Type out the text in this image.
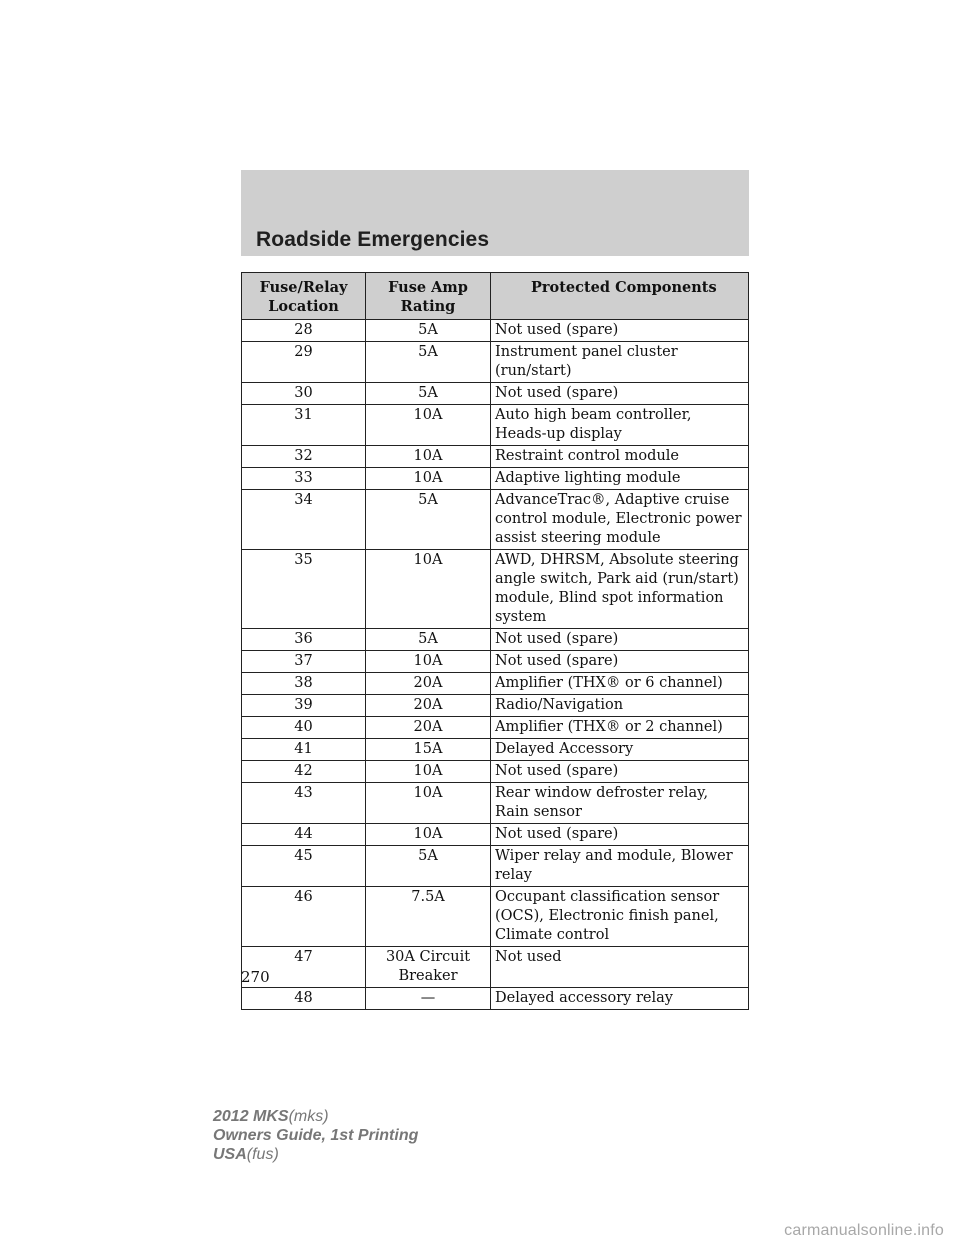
Roadside Emergencies
Fuse/Relay Location	Fuse Amp Rating	Protected Components
28	5A	Not used (spare)
29	5A	Instrument panel cluster (run/start)
30	5A	Not used (spare)
31	10A	Auto high beam controller, Heads-up display
32	10A	Restraint control module
33	10A	Adaptive lighting module
34	5A	AdvanceTrac®, Adaptive cruise control module, Electronic power assist steering module
35	10A	AWD, DHRSM, Absolute steering angle switch, Park aid (run/start) module, Blind spot information system
36	5A	Not used (spare)
37	10A	Not used (spare)
38	20A	Amplifier (THX® or 6 channel)
39	20A	Radio/Navigation
40	20A	Amplifier (THX® or 2 channel)
41	15A	Delayed Accessory
42	10A	Not used (spare)
43	10A	Rear window defroster relay, Rain sensor
44	10A	Not used (spare)
45	5A	Wiper relay and module, Blower relay
46	7.5A	Occupant classification sensor (OCS), Electronic finish panel, Climate control
47	30A Circuit Breaker	Not used
48	—	Delayed accessory relay
270
2012 MKS(mks)
Owners Guide, 1st Printing
USA(fus)
carmanualsonline.info
